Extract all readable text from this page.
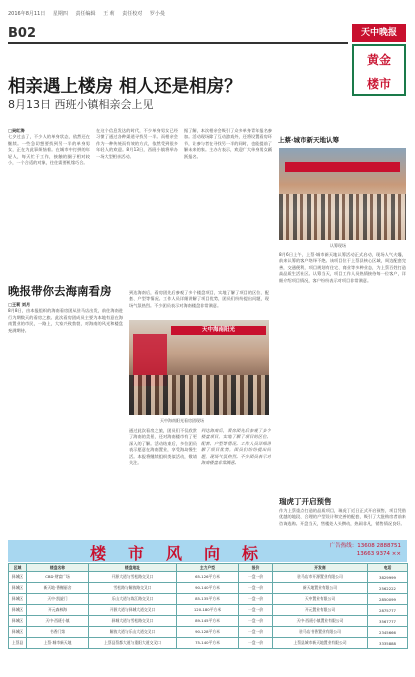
2016年8月11日 星期四 责任编辑 王 莉 责任校对 罗小曼
B02	天中晚报
黄金
楼市
相亲遇上楼房 相人还是相房？
8月13日 西班小镇相亲会上见
□吴红涛
七夕过去了，不少人的单身状态，依然还在继续。一些急切想要找到另一半的单身男女，正在为此事烦恼着。在城市中打拼的年轻人，每天忙于工作，接触的圈子相对较小，一个合适的对象，往往需要机缘巧合。
在这个信息发达的时代，不少单身男女已经习惯了通过各种渠道寻找另一半。而相亲会作为一种传统而有效的方式，依然受到很多年轻人的欢迎。8月13日，西班小镇将举办一场大型相亲活动。
据了解，本次相亲会吸引了众多单身青年报名参加。活动现场除了互动游戏外，还将设置看房环节，让参与者在寻找另一半的同时，也能提前了解未来的家。主办方表示，欢迎广大单身男女踊跃报名。
上蔡·城市新天地认筹
认筹现场
8月6日上午，上蔡·城市新天地认筹活动正式启动，现场人气火爆，前来认筹的客户络绎不绝。该项目位于上蔡县核心区域，周边配套完善，交通便利，项目规划有住宅、商业等多种业态，为上蔡百姓打造高品质生活社区。认筹当天，项目工作人员热情接待每一位客户，详细介绍项目情况，客户纷纷表示对项目非常满意。
晚报带你去海南看房
□王莉 刘月
8月8日，由本报组织的海南看房团从驻马店出发，前往海南进行为期数天的看房之旅。此次看房团成员主要为本地有意在海南置业的市民，一路上，大家兴致勃勃，对海南的风光和楼盘充满期待。
到达海南后，看房团先后参观了多个楼盘项目，实地了解了项目的区位、配套、户型等情况。工作人员详细讲解了项目优势，团员们纷纷提出问题，现场气氛热烈。不少团员表示对海南楼盘非常满意。
天中海南阳光
天中海南阳光看房团现场
通过此次看房之旅，团员们不仅欣赏了海南的美景，还对海南楼市有了更深入的了解。活动结束后，多位团员表示愿意在海南置业，享受海岛慢生活。本报将继续组织类似活动，敬请关注。
到达海南后，看房团先后参观了多个楼盘项目，实地了解了项目的区位、配套、户型等情况。工作人员详细讲解了项目优势，团员们纷纷提出问题，现场气氛热烈。不少团员表示对海南楼盘非常满意。
瑞虎丁开启预售
作为上蔡重点打造的品质项目，瑞虎丁近日正式开启预售，项目凭借优越的地段、合理的户型设计和完善的配套，吸引了大批购房者前来咨询选购。开盘当天，售楼处人头攒动，热闹非凡，销售情况良好。
楼市风向标	广告热线：13608 2888751
13663 9374 ××
区域	楼盘名称	楼盘地址	主力户型	报价	开发商	电话
驿城区	CBD·财富广场	开源大道与雪松路交叉口	65-126平方米	一盘一价	驻马店市开源置业有限公司	3829999
驿城区	新天地·香榭丽舍	雪松路与解放路交叉口	90-140平方米	一盘一价	新天地置业有限公司	2562222
驿城区	天中·凯旋门	乐山大道与练江路交叉口	85-135平方米	一盘一价	天中置业有限公司	2850099
驿城区	开元森林海	开源大道与驿城大道交叉口	120-180平方米	一盘一价	开元置业有限公司	2875777
驿城区	天中·西班小镇	驿城大道与雪松路交叉口	89-145平方米	一盘一价	天中·西班小镇置业有限公司	3567777
驿城区	书香门第	解放大道与乐山大道交叉口	90-128平方米	一盘一价	驻马店书香置业有限公司	2345666
上蔡县	上蔡·城市新天地	上蔡县蔡都大道与重阳大道交叉口	75-140平方米	一盘一价	上蔡县城市新天地置业有限公司	3335888
